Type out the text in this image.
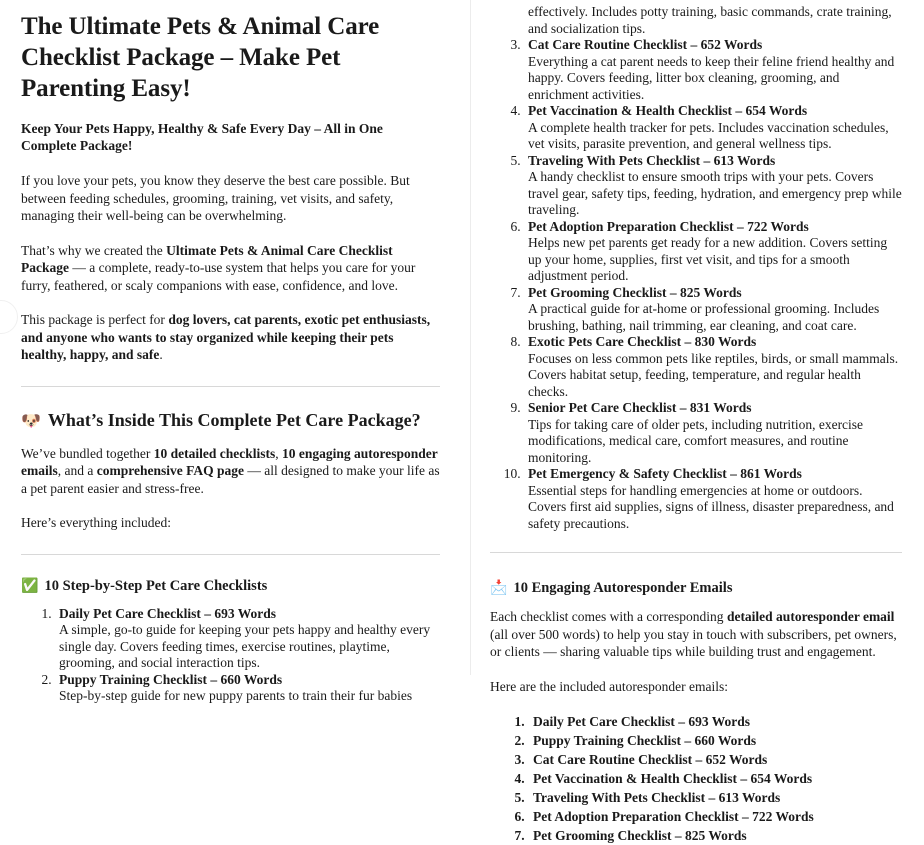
The Ultimate Pets & Animal Care Checklist Package – Make Pet Parenting Easy!

Keep Your Pets Happy, Healthy & Safe Every Day – All in One Complete Package!

If you love your pets, you know they deserve the best care possible. But between feeding schedules, grooming, training, vet visits, and safety, managing their well-being can be overwhelming.

That’s why we created the Ultimate Pets & Animal Care Checklist Package — a complete, ready-to-use system that helps you care for your furry, feathered, or scaly companions with ease, confidence, and love.

This package is perfect for dog lovers, cat parents, exotic pet enthusiasts, and anyone who wants to stay organized while keeping their pets healthy, happy, and safe.

🐶 What’s Inside This Complete Pet Care Package?

We’ve bundled together 10 detailed checklists, 10 engaging autoresponder emails, and a comprehensive FAQ page — all designed to make your life as a pet parent easier and stress-free.

Here’s everything included:

✅ 10 Step-by-Step Pet Care Checklists
1. Daily Pet Care Checklist – 693 Words
A simple, go-to guide for keeping your pets happy and healthy every single day. Covers feeding times, exercise routines, playtime, grooming, and social interaction tips.
2. Puppy Training Checklist – 660 Words
Step-by-step guide for new puppy parents to train their fur babies
effectively. Includes potty training, basic commands, crate training, and socialization tips.
3. Cat Care Routine Checklist – 652 Words
Everything a cat parent needs to keep their feline friend healthy and happy. Covers feeding, litter box cleaning, grooming, and enrichment activities.
4. Pet Vaccination & Health Checklist – 654 Words
A complete health tracker for pets. Includes vaccination schedules, vet visits, parasite prevention, and general wellness tips.
5. Traveling With Pets Checklist – 613 Words
A handy checklist to ensure smooth trips with your pets. Covers travel gear, safety tips, feeding, hydration, and emergency prep while traveling.
6. Pet Adoption Preparation Checklist – 722 Words
Helps new pet parents get ready for a new addition. Covers setting up your home, supplies, first vet visit, and tips for a smooth adjustment period.
7. Pet Grooming Checklist – 825 Words
A practical guide for at-home or professional grooming. Includes brushing, bathing, nail trimming, ear cleaning, and coat care.
8. Exotic Pets Care Checklist – 830 Words
Focuses on less common pets like reptiles, birds, or small mammals. Covers habitat setup, feeding, temperature, and regular health checks.
9. Senior Pet Care Checklist – 831 Words
Tips for taking care of older pets, including nutrition, exercise modifications, medical care, comfort measures, and routine monitoring.
10. Pet Emergency & Safety Checklist – 861 Words
Essential steps for handling emergencies at home or outdoors. Covers first aid supplies, signs of illness, disaster preparedness, and safety precautions.
📩 10 Engaging Autoresponder Emails

Each checklist comes with a corresponding detailed autoresponder email (all over 500 words) to help you stay in touch with subscribers, pet owners, or clients — sharing valuable tips while building trust and engagement.

Here are the included autoresponder emails:

1. Daily Pet Care Checklist – 693 Words
2. Puppy Training Checklist – 660 Words
3. Cat Care Routine Checklist – 652 Words
4. Pet Vaccination & Health Checklist – 654 Words
5. Traveling With Pets Checklist – 613 Words
6. Pet Adoption Preparation Checklist – 722 Words
7. Pet Grooming Checklist – 825 Words
